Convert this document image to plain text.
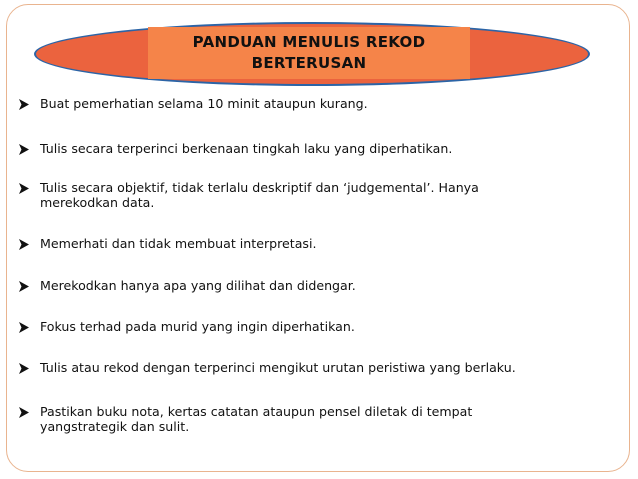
PANDUAN MENULIS REKOD BERTERUSAN
Buat pemerhatian selama 10 minit ataupun kurang.
Tulis secara terperinci berkenaan tingkah laku yang diperhatikan.
Tulis secara objektif, tidak terlalu deskriptif dan ‘judgemental’. Hanya merekodkan data.
Memerhati dan tidak membuat interpretasi.
Merekodkan hanya apa yang dilihat dan didengar.
Fokus terhad pada murid yang ingin diperhatikan.
Tulis atau rekod dengan terperinci mengikut urutan peristiwa yang berlaku.
Pastikan buku nota, kertas catatan ataupun pensel diletak di tempat yangstrategik dan sulit.
